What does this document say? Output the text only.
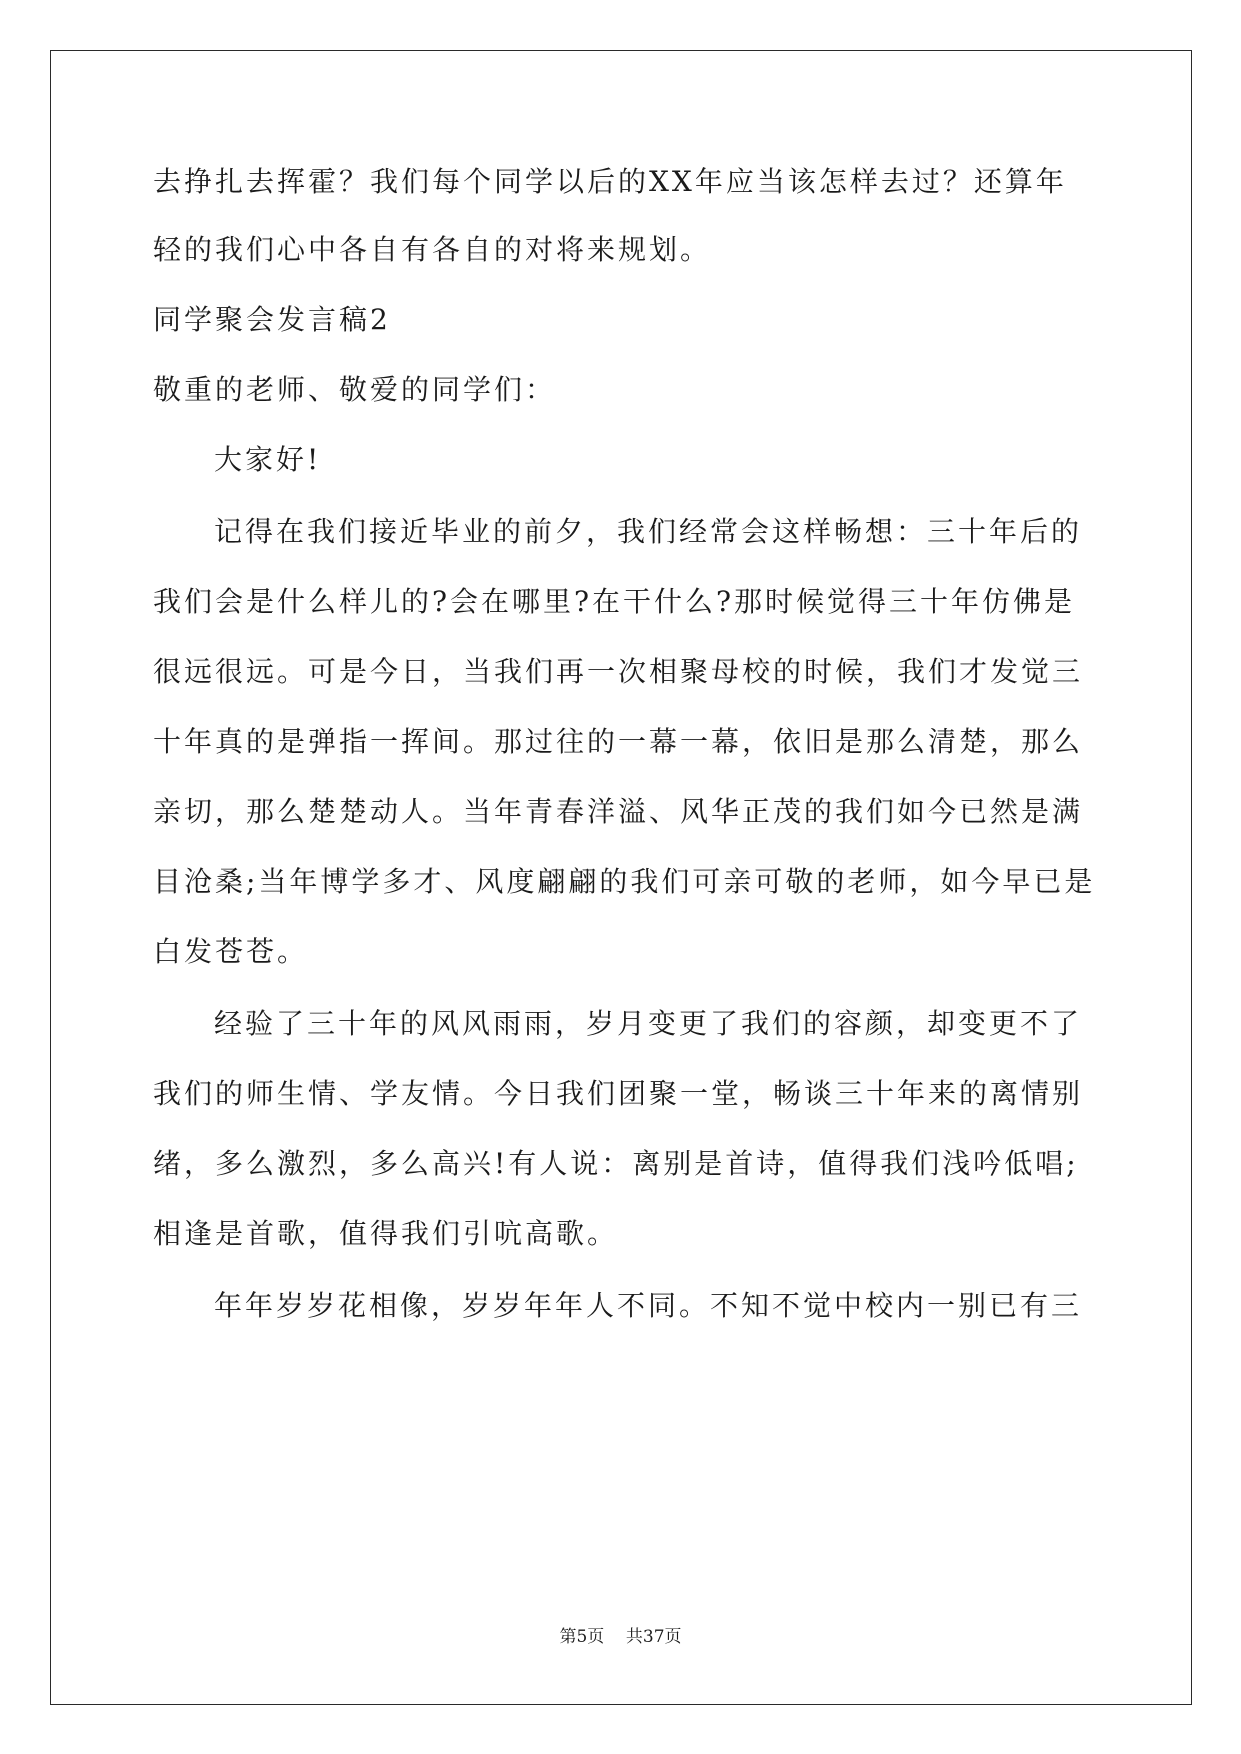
去挣扎去挥霍？我们每个同学以后的XX年应当该怎样去过？还算年
轻的我们心中各自有各自的对将来规划。
同学聚会发言稿2
敬重的老师、敬爱的同学们：
大家好!
记得在我们接近毕业的前夕，我们经常会这样畅想：三十年后的
我们会是什么样儿的?会在哪里?在干什么?那时候觉得三十年仿佛是
很远很远。可是今日，当我们再一次相聚母校的时候，我们才发觉三
十年真的是弹指一挥间。那过往的一幕一幕，依旧是那么清楚，那么
亲切，那么楚楚动人。当年青春洋溢、风华正茂的我们如今已然是满
目沧桑;当年博学多才、风度翩翩的我们可亲可敬的老师，如今早已是
白发苍苍。
经验了三十年的风风雨雨，岁月变更了我们的容颜，却变更不了
我们的师生情、学友情。今日我们团聚一堂，畅谈三十年来的离情别
绪，多么激烈，多么高兴!有人说：离别是首诗，值得我们浅吟低唱;
相逢是首歌，值得我们引吭高歌。
年年岁岁花相像，岁岁年年人不同。不知不觉中校内一别已有三
第5页 共37页
